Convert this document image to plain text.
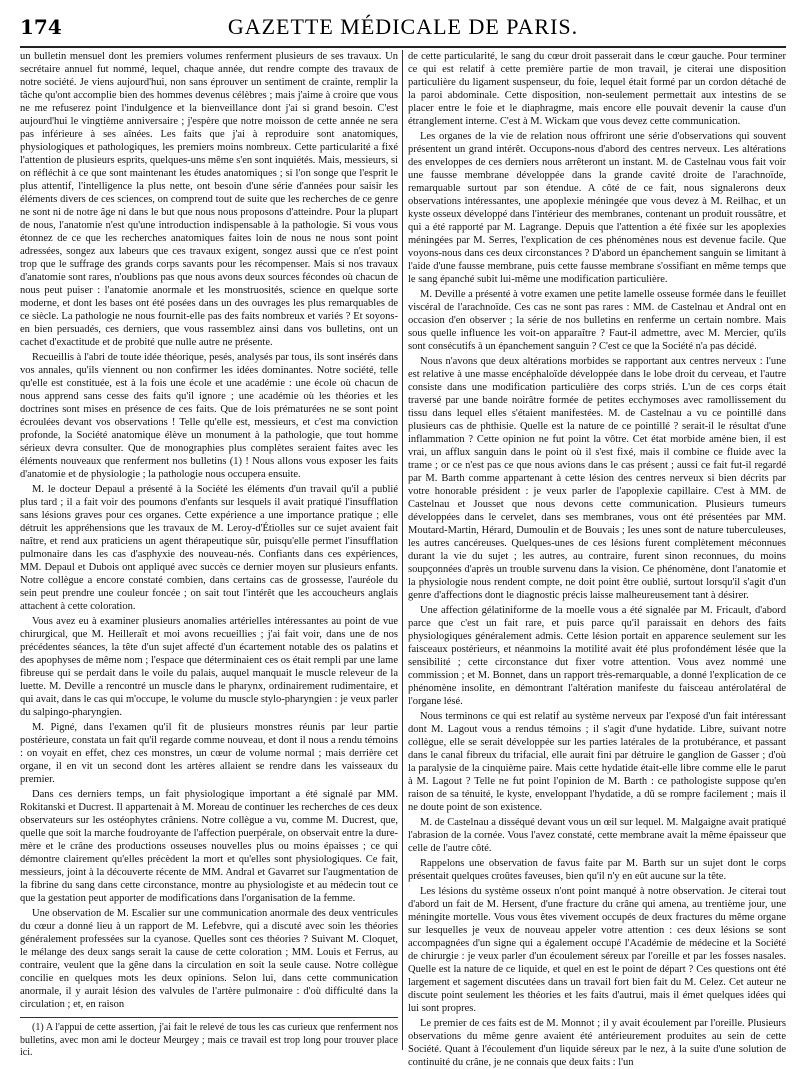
174	GAZETTE MÉDICALE DE PARIS.

un bulletin mensuel dont les premiers volumes renferment plusieurs de ses travaux. Un secrétaire annuel fut nommé, lequel, chaque année, dut rendre compte des travaux de notre société. Je viens aujourd'hui, non sans éprouver un sentiment de crainte, remplir la tâche qu'ont accomplie bien des hommes devenus célèbres ; mais j'aime à croire que vous ne me refuserez point l'indulgence et la bienveillance dont j'ai si grand besoin. C'est aujourd'hui le vingtième anniversaire ; j'espère que notre moisson de cette année ne sera pas inférieure à ses aînées. Les faits que j'ai à reproduire sont anatomiques, physiologiques et pathologiques, les premiers moins nombreux. Cette particularité a fixé l'attention de plusieurs esprits, quelques-uns même s'en sont inquiétés. Mais, messieurs, si on réfléchit à ce que sont maintenant les études anatomiques ; si l'on songe que l'esprit le plus attentif, l'intelligence la plus nette, ont besoin d'une série d'années pour saisir les éléments divers de ces sciences, on comprend tout de suite que les recherches de ce genre ne sont ni de notre âge ni dans le but que nous nous proposons d'atteindre. Pour la plupart de nous, l'anatomie n'est qu'une introduction indispensable à la pathologie. Si vous vous étonnez de ce que les recherches anatomiques faites loin de nous ne nous sont point adressées, songez aux labeurs que ces travaux exigent, songez aussi que ce n'est point trop que le suffrage des grands corps savants pour les récompenser. Mais si nos travaux d'anatomie sont rares, n'oublions pas que nous avons deux sources fécondes où chacun de nous peut puiser : l'anatomie anormale et les monstruosités, science en quelque sorte moderne, et dont les bases ont été posées dans un des ouvrages les plus remarquables de ce siècle. La pathologie ne nous fournit-elle pas des faits nombreux et variés ? Et soyons-en bien persuadés, ces derniers, que vous rassemblez ainsi dans vos bulletins, ont un cachet d'exactitude et de probité que nulle autre ne présente.

Recueillis à l'abri de toute idée théorique, pesés, analysés par tous, ils sont insérés dans vos annales, qu'ils viennent ou non confirmer les idées dominantes. Notre société, telle qu'elle est constituée, est à la fois une école et une académie : une école où chacun de nous apprend sans cesse des faits qu'il ignore ; une académie où les théories et les doctrines sont mises en présence de ces faits. Que de lois prématurées ne se sont point écroulées devant vos observations ! Telle qu'elle est, messieurs, et c'est ma conviction profonde, la Société anatomique élève un monument à la pathologie, que tout homme sérieux devra consulter. Que de monographies plus complètes seraient faites avec les éléments nouveaux que renferment nos bulletins (1) ! Nous allons vous exposer les faits d'anatomie et de physiologie ; la pathologie nous occupera ensuite.

M. le docteur Depaul a présenté à la Société les éléments d'un travail qu'il a publié plus tard ; il a fait voir des poumons d'enfants sur lesquels il avait pratiqué l'insufflation sans lésions graves pour ces organes. Cette expérience a une importance pratique ; elle détruit les appréhensions que les travaux de M. Leroy-d'Étiolles sur ce sujet avaient fait naître, et rend aux praticiens un agent thérapeutique sûr, puisqu'elle permet l'insufflation pulmonaire dans les cas d'asphyxie des nouveau-nés. Confiants dans ces expériences, MM. Depaul et Dubois ont appliqué avec succès ce dernier moyen sur plusieurs enfants. Notre collègue a encore constaté combien, dans certains cas de grossesse, l'auréole du sein peut prendre une couleur foncée ; on sait tout l'intérêt que les accoucheurs anglais attachent à cette coloration.

Vous avez eu à examiner plusieurs anomalies artérielles intéressantes au point de vue chirurgical, que M. Heilleraît et moi avons recueillies ; j'ai fait voir, dans une de nos précédentes séances, la tête d'un sujet affecté d'un écartement notable des os palatins et des apophyses de même nom ; l'espace que déterminaient ces os était rempli par une lame fibreuse qui se perdait dans le voile du palais, auquel manquait le muscle releveur de la luette. M. Deville a rencontré un muscle dans le pharynx, ordinairement rudimentaire, et qui avait, dans le cas qui m'occupe, le volume du muscle stylo-pharyngien : je veux parler du salpingo-pharyngien.

M. Pigné, dans l'examen qu'il fit de plusieurs monstres réunis par leur partie postérieure, constata un fait qu'il regarde comme nouveau, et dont il nous a rendu témoins : on voyait en effet, chez ces monstres, un cœur de volume normal ; mais derrière cet organe, il en vit un second dont les artères allaient se rendre dans les vaisseaux du premier.

Dans ces derniers temps, un fait physiologique important a été signalé par MM. Rokitanski et Ducrest. Il appartenait à M. Moreau de continuer les recherches de ces deux observateurs sur les ostéophytes crâniens. Notre collègue a vu, comme M. Ducrest, que, quelle que soit la marche foudroyante de l'affection puerpérale, on observait entre la dure-mère et le crâne des productions osseuses nouvelles plus ou moins épaisses ; ce qui démontre clairement qu'elles précèdent la mort et qu'elles sont physiologiques. Ce fait, messieurs, joint à la découverte récente de MM. Andral et Gavarret sur l'augmentation de la fibrine du sang dans cette circonstance, montre au physiologiste et au médecin tout ce que la gestation peut apporter de modifications dans l'organisation de la femme.

Une observation de M. Escalier sur une communication anormale des deux ventricules du cœur a donné lieu à un rapport de M. Lefebvre, qui a discuté avec soin les théories généralement professées sur la cyanose. Quelles sont ces théories ? Suivant M. Cloquet, le mélange des deux sangs serait la cause de cette coloration ; MM. Louis et Ferrus, au contraire, veulent que la gêne dans la circulation en soit la seule cause. Notre collègue concilie en quelques mots les deux opinions. Selon lui, dans cette communication anormale, il y aurait lésion des valvules de l'artère pulmonaire : d'où difficulté dans la circulation ; et, en raison

(1) A l'appui de cette assertion, j'ai fait le relevé de tous les cas curieux que renferment nos bulletins, avec mon ami le docteur Meurgey ; mais ce travail est trop long pour trouver place ici.

de cette particularité, le sang du cœur droit passerait dans le cœur gauche. Pour terminer ce qui est relatif à cette première partie de mon travail, je citerai une disposition particulière du ligament suspenseur, du foie, lequel était formé par un cordon détaché de la paroi abdominale. Cette disposition, non-seulement permettait aux intestins de se placer entre le foie et le diaphragme, mais encore elle pouvait devenir la cause d'un étranglement interne. C'est à M. Wickam que vous devez cette communication.

Les organes de la vie de relation nous offriront une série d'observations qui souvent présentent un grand intérêt. Occupons-nous d'abord des centres nerveux. Les altérations des enveloppes de ces derniers nous arrêteront un instant. M. de Castelnau vous fait voir une fausse membrane développée dans la grande cavité droite de l'arachnoïde, remarquable surtout par son étendue. A côté de ce fait, nous signalerons deux observations intéressantes, une apoplexie méningée que vous devez à M. Reilhac, et un kyste osseux développé dans l'intérieur des membranes, contenant un produit roussâtre, et qui a été rapporté par M. Lagrange. Depuis que l'attention a été fixée sur les apoplexies méningées par M. Serres, l'explication de ces phénomènes nous est devenue facile. Que voyons-nous dans ces deux circonstances ? D'abord un épanchement sanguin se limitant à l'aide d'une fausse membrane, puis cette fausse membrane s'ossifiant en même temps que le sang épanché subit lui-même une modification particulière.

M. Deville a présenté à votre examen une petite lamelle osseuse formée dans le feuillet viscéral de l'arachnoïde. Ces cas ne sont pas rares : MM. de Castelnau et Andral ont en occasion d'en observer ; la série de nos bulletins en renferme un certain nombre. Mais sous quelle influence les voit-on apparaître ? Faut-il admettre, avec M. Mercier, qu'ils sont consécutifs à un épanchement sanguin ? C'est ce que la Société n'a pas décidé.

Nous n'avons que deux altérations morbides se rapportant aux centres nerveux : l'une est relative à une masse encéphaloïde développée dans le lobe droit du cerveau, et l'autre consiste dans une modification particulière des corps striés. L'un de ces corps était traversé par une bande noirâtre formée de petites ecchymoses avec ramollissement du tissu dans lequel elles s'étaient manifestées. M. de Castelnau a vu ce pointillé dans plusieurs cas de phthisie. Quelle est la nature de ce pointillé ? serait-il le résultat d'une inflammation ? Cette opinion ne fut point la vôtre. Cet état morbide amène bien, il est vrai, un afflux sanguin dans le point où il s'est fixé, mais il combine ce fluide avec la trame ; or ce n'est pas ce que nous avions dans le cas présent ; aussi ce fait fut-il regardé par M. Barth comme appartenant à cette lésion des centres nerveux si bien décrits par votre honorable président : je veux parler de l'apoplexie capillaire. C'est à MM. de Castelnau et Jousset que nous devons cette communication. Plusieurs tumeurs développées dans le cervelet, dans ses membranes, vous ont été présentées par MM. Moutard-Martin, Hérard, Dumoulin et de Bouvais ; les unes sont de nature tuberculeuses, les autres cancéreuses. Quelques-unes de ces lésions furent complètement méconnues durant la vie du sujet ; les autres, au contraire, furent sinon reconnues, du moins soupçonnées d'après un trouble survenu dans la vision. Ce phénomène, dont l'anatomie et la physiologie nous rendent compte, ne doit point être oublié, surtout lorsqu'il s'agit d'un genre d'affections dont le diagnostic précis laisse malheureusement tant à désirer.

Une affection gélatiniforme de la moelle vous a été signalée par M. Fricault, d'abord parce que c'est un fait rare, et puis parce qu'il paraissait en dehors des faits physiologiques généralement admis. Cette lésion portait en apparence seulement sur les faisceaux postérieurs, et néanmoins la motilité avait été plus profondément lésée que la sensibilité ; cette circonstance dut fixer votre attention. Vous avez nommé une commission ; et M. Bonnet, dans un rapport très-remarquable, a donné l'explication de ce phénomène insolite, en démontrant l'altération manifeste du faisceau antérolatéral de l'organe lésé.

Nous terminons ce qui est relatif au système nerveux par l'exposé d'un fait intéressant dont M. Lagout vous a rendus témoins ; il s'agit d'une hydatide. Libre, suivant notre collègue, elle se serait développée sur les parties latérales de la protubérance, et passant dans le canal fibreux du trifacial, elle aurait fini par détruire le ganglion de Gasser ; d'où la paralysie de la cinquième paire. Mais cette hydatide était-elle libre comme elle le parut à M. Lagout ? Telle ne fut point l'opinion de M. Barth : ce pathologiste suppose qu'en raison de sa ténuité, le kyste, enveloppant l'hydatide, a dû se rompre facilement ; mais il ne doute point de son existence.

M. de Castelnau a disséqué devant vous un œil sur lequel. M. Malgaigne avait pratiqué l'abrasion de la cornée. Vous l'avez constaté, cette membrane avait la même épaisseur que celle de l'autre côté.

Rappelons une observation de favus faite par M. Barth sur un sujet dont le corps présentait quelques croûtes faveuses, bien qu'il n'y en eût aucune sur la tête.

Les lésions du système osseux n'ont point manqué à notre observation. Je citerai tout d'abord un fait de M. Hersent, d'une fracture du crâne qui amena, au trentième jour, une méningite mortelle. Vous vous êtes vivement occupés de deux fractures du même organe sur lesquelles je veux de nouveau appeler votre attention : ces deux lésions se sont accompagnées d'un signe qui a également occupé l'Académie de médecine et la Société de chirurgie : je veux parler d'un écoulement séreux par l'oreille et par les fosses nasales. Quelle est la nature de ce liquide, et quel en est le point de départ ? Ces questions ont été largement et sagement discutées dans un travail fort bien fait du M. Celez. Cet auteur ne discute point seulement les théories et les faits d'autrui, mais il émet quelques idées qui lui sont propres.

Le premier de ces faits est de M. Monnot ; il y avait écoulement par l'oreille. Plusieurs observations du même genre avaient été antérieurement produites au sein de cette Société. Quant à l'écoulement d'un liquide séreux par le nez, à la suite d'une solution de continuité du crâne, je ne connais que deux faits : l'un
